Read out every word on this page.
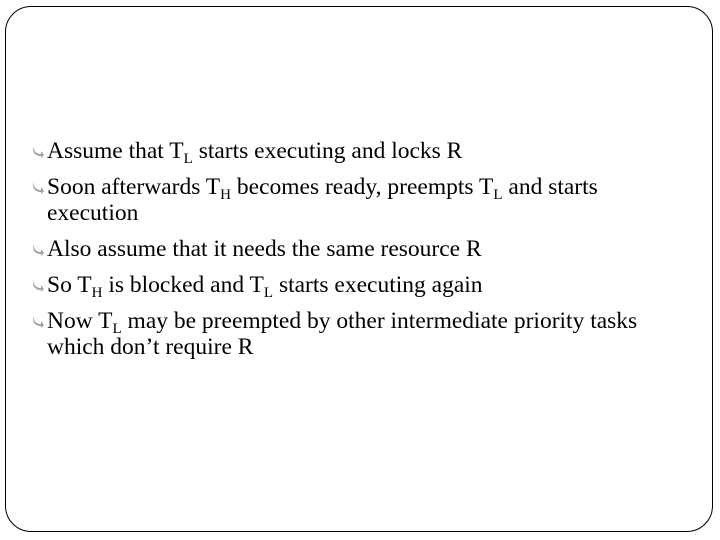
Assume that $T_L$ starts executing and locks R
Soon afterwards $T_H$ becomes ready, preempts $T_L$ and starts execution
Also assume that it needs the same resource R
So $T_H$ is blocked and $T_L$ starts executing again
Now $T_L$ may be preempted by other intermediate priority tasks which don’t require R
